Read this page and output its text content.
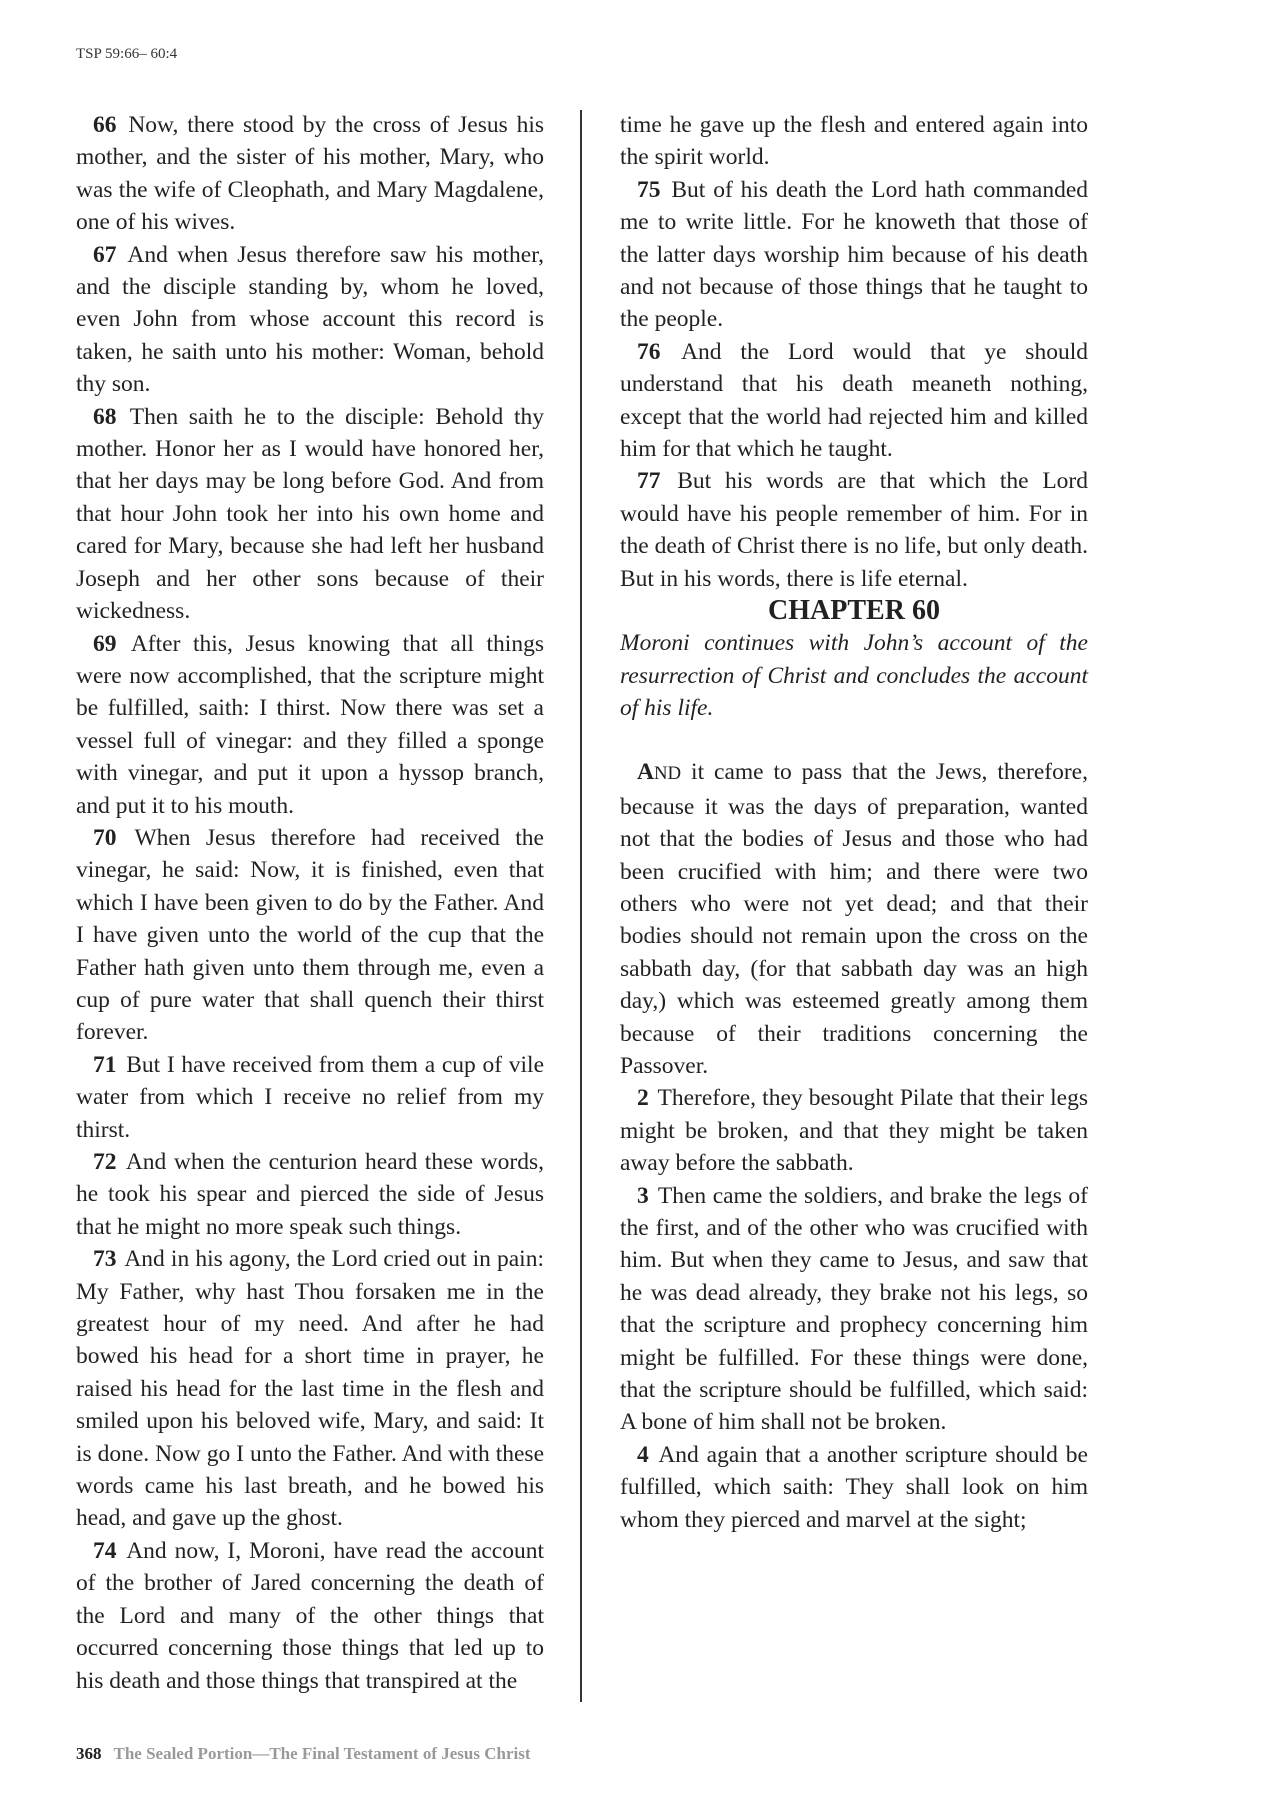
TSP 59:66– 60:4

66 Now, there stood by the cross of Jesus his mother, and the sister of his mother, Mary, who was the wife of Cleophath, and Mary Magdalene, one of his wives.

67 And when Jesus therefore saw his mother, and the disciple standing by, whom he loved, even John from whose account this record is taken, he saith unto his mother: Woman, behold thy son.

68 Then saith he to the disciple: Behold thy mother. Honor her as I would have honored her, that her days may be long before God. And from that hour John took her into his own home and cared for Mary, because she had left her husband Joseph and her other sons because of their wickedness.

69 After this, Jesus knowing that all things were now accomplished, that the scripture might be fulfilled, saith: I thirst. Now there was set a vessel full of vinegar: and they filled a sponge with vinegar, and put it upon a hyssop branch, and put it to his mouth.

70 When Jesus therefore had received the vinegar, he said: Now, it is finished, even that which I have been given to do by the Father. And I have given unto the world of the cup that the Father hath given unto them through me, even a cup of pure water that shall quench their thirst forever.

71 But I have received from them a cup of vile water from which I receive no relief from my thirst.

72 And when the centurion heard these words, he took his spear and pierced the side of Jesus that he might no more speak such things.

73 And in his agony, the Lord cried out in pain: My Father, why hast Thou forsaken me in the greatest hour of my need. And after he had bowed his head for a short time in prayer, he raised his head for the last time in the flesh and smiled upon his beloved wife, Mary, and said: It is done. Now go I unto the Father. And with these words came his last breath, and he bowed his head, and gave up the ghost.

74 And now, I, Moroni, have read the account of the brother of Jared concerning the death of the Lord and many of the other things that occurred concerning those things that led up to his death and those things that transpired at the

time he gave up the flesh and entered again into the spirit world.

75 But of his death the Lord hath commanded me to write little. For he knoweth that those of the latter days worship him because of his death and not because of those things that he taught to the people.

76 And the Lord would that ye should understand that his death meaneth nothing, except that the world had rejected him and killed him for that which he taught.

77 But his words are that which the Lord would have his people remember of him. For in the death of Christ there is no life, but only death. But in his words, there is life eternal.

CHAPTER 60

Moroni continues with John’s account of the resurrection of Christ and concludes the account of his life.

AND it came to pass that the Jews, therefore, because it was the days of preparation, wanted not that the bodies of Jesus and those who had been crucified with him; and there were two others who were not yet dead; and that their bodies should not remain upon the cross on the sabbath day, (for that sabbath day was an high day,) which was esteemed greatly among them because of their traditions concerning the Passover.

2 Therefore, they besought Pilate that their legs might be broken, and that they might be taken away before the sabbath.

3 Then came the soldiers, and brake the legs of the first, and of the other who was crucified with him. But when they came to Jesus, and saw that he was dead already, they brake not his legs, so that the scripture and prophecy concerning him might be fulfilled. For these things were done, that the scripture should be fulfilled, which said: A bone of him shall not be broken.

4 And again that a another scripture should be fulfilled, which saith: They shall look on him whom they pierced and marvel at the sight;

368 The Sealed Portion—The Final Testament of Jesus Christ
